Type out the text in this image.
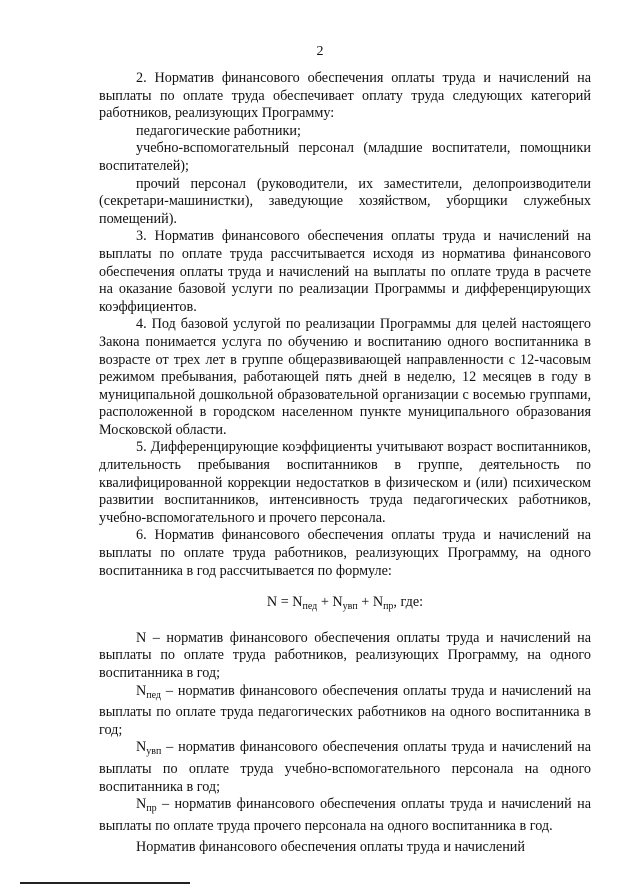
2

2. Норматив финансового обеспечения оплаты труда и начислений на выплаты по оплате труда обеспечивает оплату труда следующих категорий работников, реализующих Программу:

педагогические работники;

учебно-вспомогательный персонал (младшие воспитатели, помощники воспитателей);

прочий персонал (руководители, их заместители, делопроизводители (секретари-машинистки), заведующие хозяйством, уборщики служебных помещений).

3. Норматив финансового обеспечения оплаты труда и начислений на выплаты по оплате труда рассчитывается исходя из норматива финансового обеспечения оплаты труда и начислений на выплаты по оплате труда в расчете на оказание базовой услуги по реализации Программы и дифференцирующих коэффициентов.

4. Под базовой услугой по реализации Программы для целей настоящего Закона понимается услуга по обучению и воспитанию одного воспитанника в возрасте от трех лет в группе общеразвивающей направленности с 12-часовым режимом пребывания, работающей пять дней в неделю, 12 месяцев в году в муниципальной дошкольной образовательной организации с восемью группами, расположенной в городском населенном пункте муниципального образования Московской области.

5. Дифференцирующие коэффициенты учитывают возраст воспитанников, длительность пребывания воспитанников в группе, деятельность по квалифицированной коррекции недостатков в физическом и (или) психическом развитии воспитанников, интенсивность труда педагогических работников, учебно-вспомогательного и прочего персонала.

6. Норматив финансового обеспечения оплаты труда и начислений на выплаты по оплате труда работников, реализующих Программу, на одного воспитанника в год рассчитывается по формуле:

$N = N_{пед} + N_{увп} + N_{пр}$, где:

N – норматив финансового обеспечения оплаты труда и начислений на выплаты по оплате труда работников, реализующих Программу, на одного воспитанника в год;

$N_{пед}$ – норматив финансового обеспечения оплаты труда и начислений на выплаты по оплате труда педагогических работников на одного воспитанника в год;

$N_{увп}$ – норматив финансового обеспечения оплаты труда и начислений на выплаты по оплате труда учебно-вспомогательного персонала на одного воспитанника в год;

$N_{пр}$ – норматив финансового обеспечения оплаты труда и начислений на выплаты по оплате труда прочего персонала на одного воспитанника в год.

Норматив финансового обеспечения оплаты труда и начислений
